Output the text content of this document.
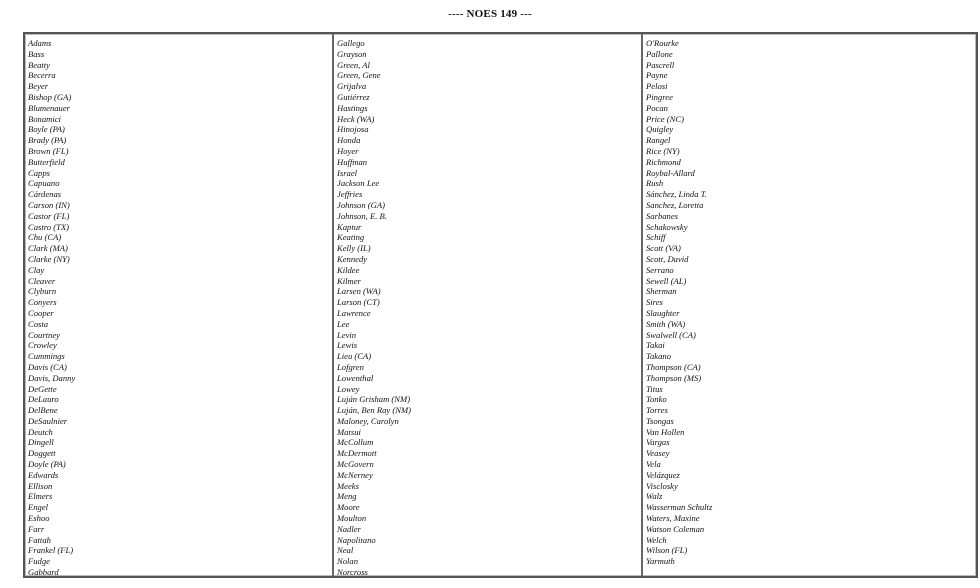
---- NOES 149 ---
Adams
Bass
Beatty
Becerra
Beyer
Bishop (GA)
Blumenauer
Bonamici
Boyle (PA)
Brady (PA)
Brown (FL)
Butterfield
Capps
Capuano
Cárdenas
Carson (IN)
Castor (FL)
Castro (TX)
Chu (CA)
Clark (MA)
Clarke (NY)
Clay
Cleaver
Clyburn
Conyers
Cooper
Costa
Courtney
Crowley
Cummings
Davis (CA)
Davis, Danny
DeGette
DeLauro
DelBene
DeSaulnier
Deutch
Dingell
Doggett
Doyle (PA)
Edwards
Ellison
Elmers
Engel
Eshoo
Farr
Fattah
Frankel (FL)
Fudge
Gabbard
Gallego
Grayson
Green, Al
Green, Gene
Grijalva
Gutiérrez
Hastings
Heck (WA)
Hinojosa
Honda
Hoyer
Huffman
Israel
Jackson Lee
Jeffries
Johnson (GA)
Johnson, E. B.
Kaptur
Keating
Kelly (IL)
Kennedy
Kildee
Kilmer
Larsen (WA)
Larson (CT)
Lawrence
Lee
Levin
Lewis
Lieu (CA)
Lofgren
Lowenthal
Lowey
Luján Grisham (NM)
Luján, Ben Ray (NM)
Maloney, Carolyn
Matsui
McCollum
McDermott
McGovern
McNerney
Meeks
Meng
Moore
Moulton
Nadler
Napolitano
Neal
Nolan
Norcross
O'Rourke
Pallone
Pascrell
Payne
Pelosi
Pingree
Pocan
Price (NC)
Quigley
Rangel
Rice (NY)
Richmond
Roybal-Allard
Rush
Sánchez, Linda T.
Sanchez, Loretta
Sarbanes
Schakowsky
Schiff
Scott (VA)
Scott, David
Serrano
Sewell (AL)
Sherman
Sires
Slaughter
Smith (WA)
Swalwell (CA)
Takai
Takano
Thompson (CA)
Thompson (MS)
Titus
Tonko
Torres
Tsongas
Van Hollen
Vargas
Veasey
Vela
Velázquez
Visclosky
Walz
Wasserman Schultz
Waters, Maxine
Watson Coleman
Welch
Wilson (FL)
Yarmuth
